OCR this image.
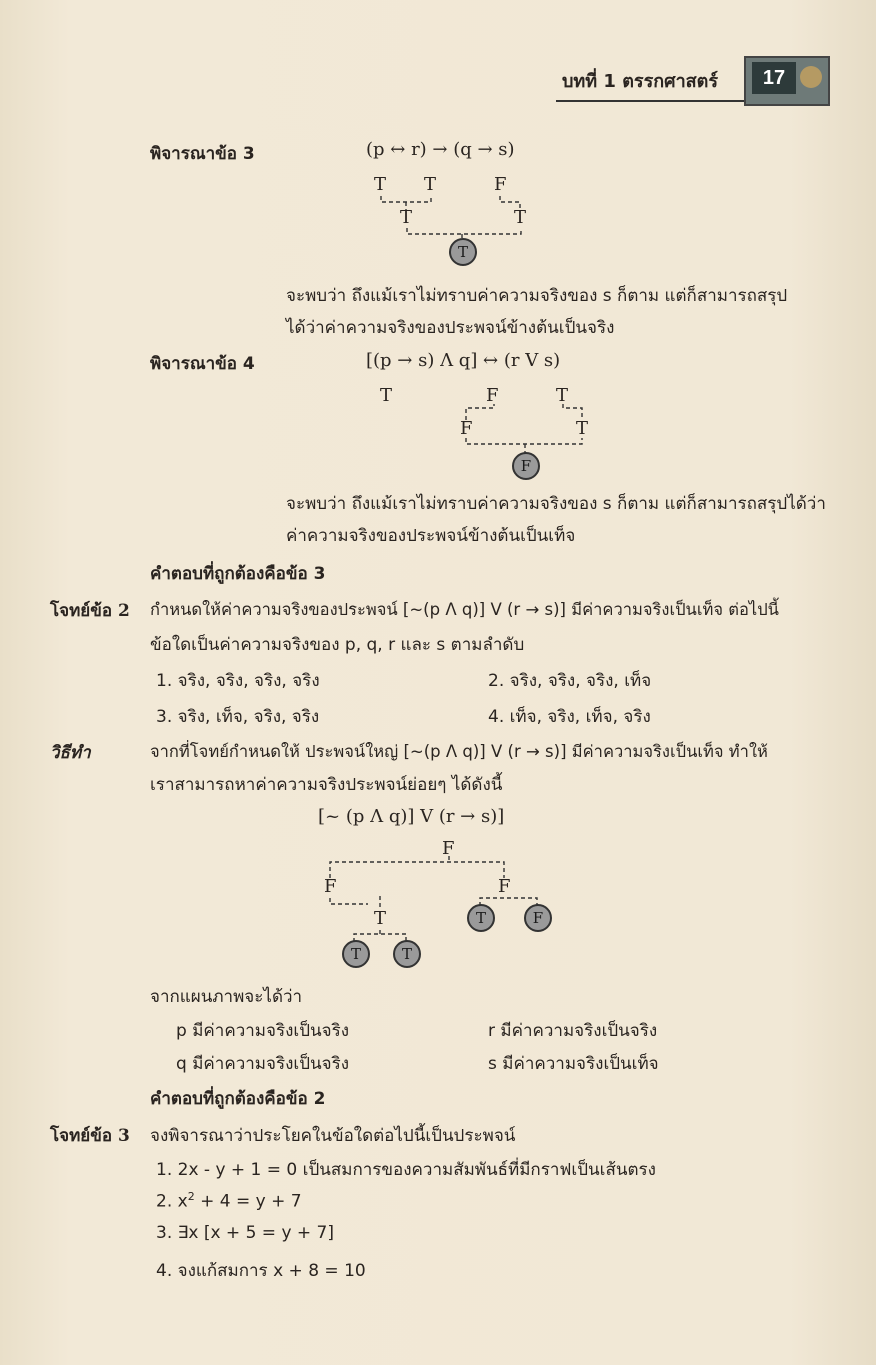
บทที่ 1 ตรรกศาสตร์	17
พิจารณาข้อ 3	(p ↔ r) → (q → s)
T T	F
T	T
T
จะพบว่า ถึงแม้เราไม่ทราบค่าความจริงของ s ก็ตาม แต่ก็สามารถสรุป
ได้ว่าค่าความจริงของประพจน์ข้างต้นเป็นจริง
พิจารณาข้อ 4	[(p → s) Λ q] ↔ (r V s)
T	F	T
F	T
F
จะพบว่า ถึงแม้เราไม่ทราบค่าความจริงของ s ก็ตาม แต่ก็สามารถสรุปได้ว่า
ค่าความจริงของประพจน์ข้างต้นเป็นเท็จ
คำตอบที่ถูกต้องคือข้อ 3
โจทย์ข้อ 2 กำหนดให้ค่าความจริงของประพจน์ [~(p Λ q)] V (r → s)] มีค่าความจริงเป็นเท็จ ต่อไปนี้
ข้อใดเป็นค่าความจริงของ p, q, r และ s ตามลำดับ
1. จริง, จริง, จริง, จริง	2. จริง, จริง, จริง, เท็จ
3. จริง, เท็จ, จริง, จริง	4. เท็จ, จริง, เท็จ, จริง
วิธีทำ	จากที่โจทย์กำหนดให้ ประพจน์ใหญ่ [~(p Λ q)] V (r → s)] มีค่าความจริงเป็นเท็จ ทำให้
เราสามารถหาค่าความจริงประพจน์ย่อยๆ ได้ดังนี้
[~ (p Λ q)] V (r → s)]
F
F	F
T	T	F
T	T
จากแผนภาพจะได้ว่า
p มีค่าความจริงเป็นจริง	r มีค่าความจริงเป็นจริง
q มีค่าความจริงเป็นจริง	s มีค่าความจริงเป็นเท็จ
คำตอบที่ถูกต้องคือข้อ 2
โจทย์ข้อ 3 จงพิจารณาว่าประโยคในข้อใดต่อไปนี้เป็นประพจน์
1. 2x - y + 1 = 0 เป็นสมการของความสัมพันธ์ที่มีกราฟเป็นเส้นตรง
2. $x^2 + 4 = y + 7$
3. ∃x [x + 5 = y + 7]
4. จงแก้สมการ x + 8 = 10
